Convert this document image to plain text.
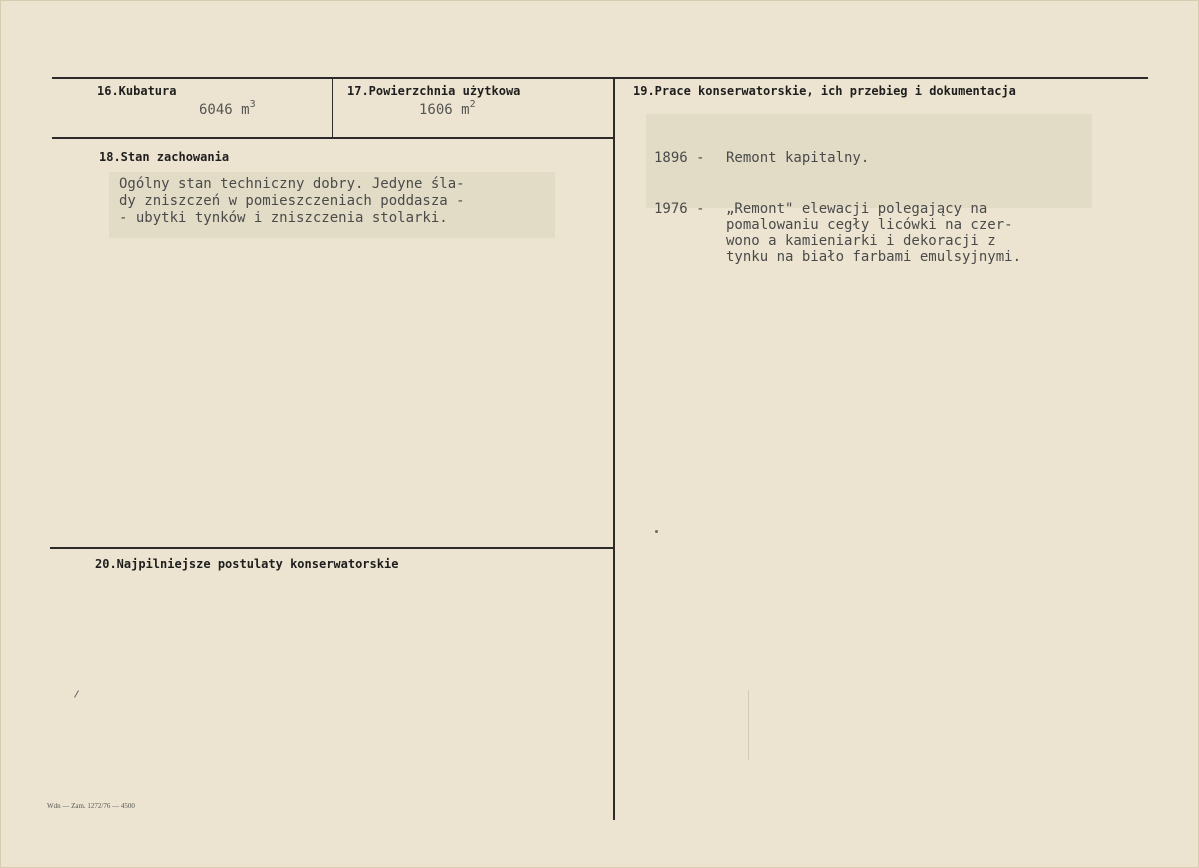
16.Kubatura
6046 $m^3$
17.Powierzchnia użytkowa
1606 $m^2$
18.Stan zachowania
Ogólny stan techniczny dobry. Jedyne śla-
dy zniszczeń w pomieszczeniach poddasza -
- ubytki tynków i zniszczenia stolarki.
19.Prace konserwatorskie, ich przebieg i dokumentacja

1896 -	Remont kapitalny.

1976 -	„Remont" elewacji polegający na
pomalowaniu cegły licówki na czer-
wono a kamieniarki i dekoracji z
tynku na biało farbami emulsyjnymi.

20.Najpilniejsze postulaty konserwatorskie
Wdn — Zam. 1272/76 — 4500
